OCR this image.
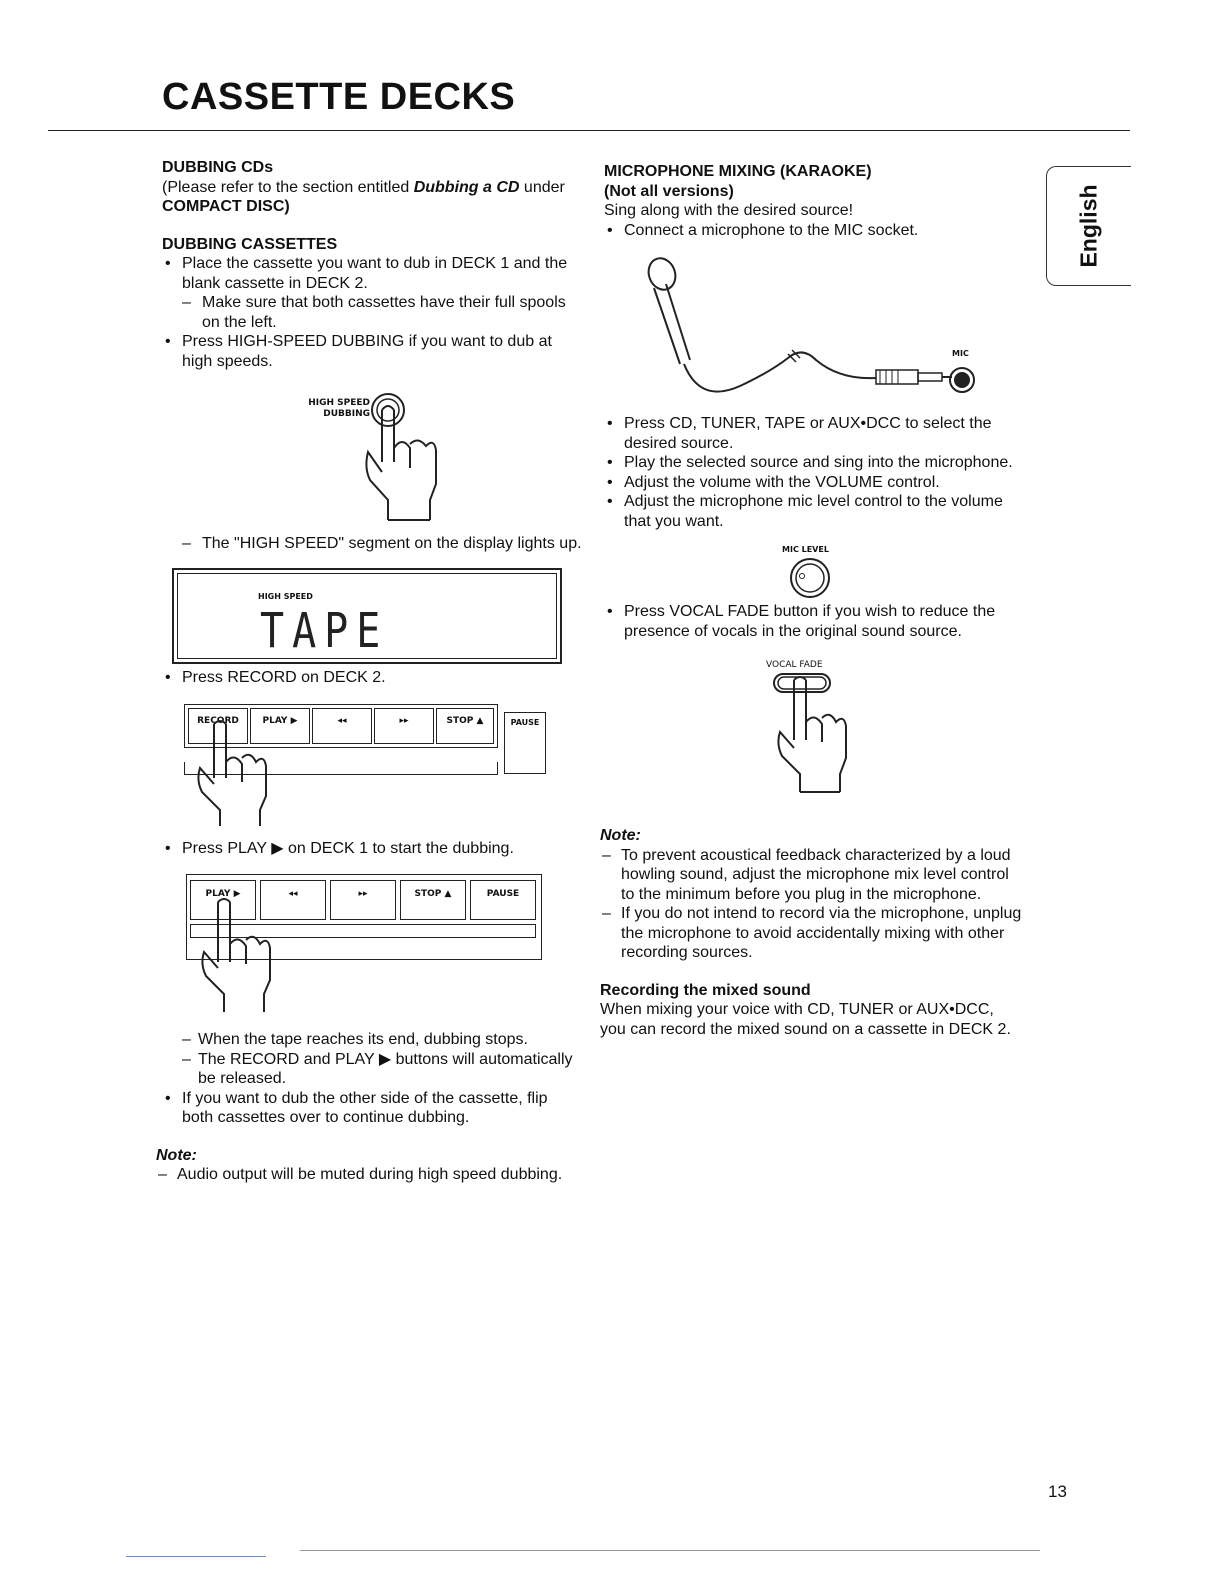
CASSETTE DECKS
English
DUBBING CDs
(Please refer to the section entitled Dubbing a CD under
COMPACT DISC)
DUBBING CASSETTES
• Place the cassette you want to dub in DECK 1 and the blank cassette in DECK 2.
– Make sure that both cassettes have their full spools on the left.
• Press HIGH-SPEED DUBBING if you want to dub at high speeds.
HIGH SPEED
DUBBING
– The "HIGH SPEED" segment on the display lights up.
HIGH SPEED
TAPE
• Press RECORD on DECK 2.
RECORD	PLAY ▶	◂◂	▸▸	STOP ▲	PAUSE
• Press PLAY ▶ on DECK 1 to start the dubbing.
PLAY ▶	◂◂	▸▸	STOP ▲	PAUSE
– When the tape reaches its end, dubbing stops.
– The RECORD and PLAY ▶ buttons will automatically be released.
• If you want to dub the other side of the cassette, flip both cassettes over to continue dubbing.
Note:
– Audio output will be muted during high speed dubbing.
MICROPHONE MIXING (KARAOKE)
(Not all versions)
Sing along with the desired source!
• Connect a microphone to the MIC socket.
MIC
• Press CD, TUNER, TAPE or AUX•DCC to select the desired source.
• Play the selected source and sing into the microphone.
• Adjust the volume with the VOLUME control.
• Adjust the microphone mic level control to the volume that you want.
MIC LEVEL
• Press VOCAL FADE button if you wish to reduce the presence of vocals in the original sound source.
VOCAL FADE
Note:
– To prevent acoustical feedback characterized by a loud howling sound, adjust the microphone mix level control to the minimum before you plug in the microphone.
– If you do not intend to record via the microphone, unplug the microphone to avoid accidentally mixing with other recording sources.
Recording the mixed sound
When mixing your voice with CD, TUNER or AUX•DCC, you can record the mixed sound on a cassette in DECK 2.
13
